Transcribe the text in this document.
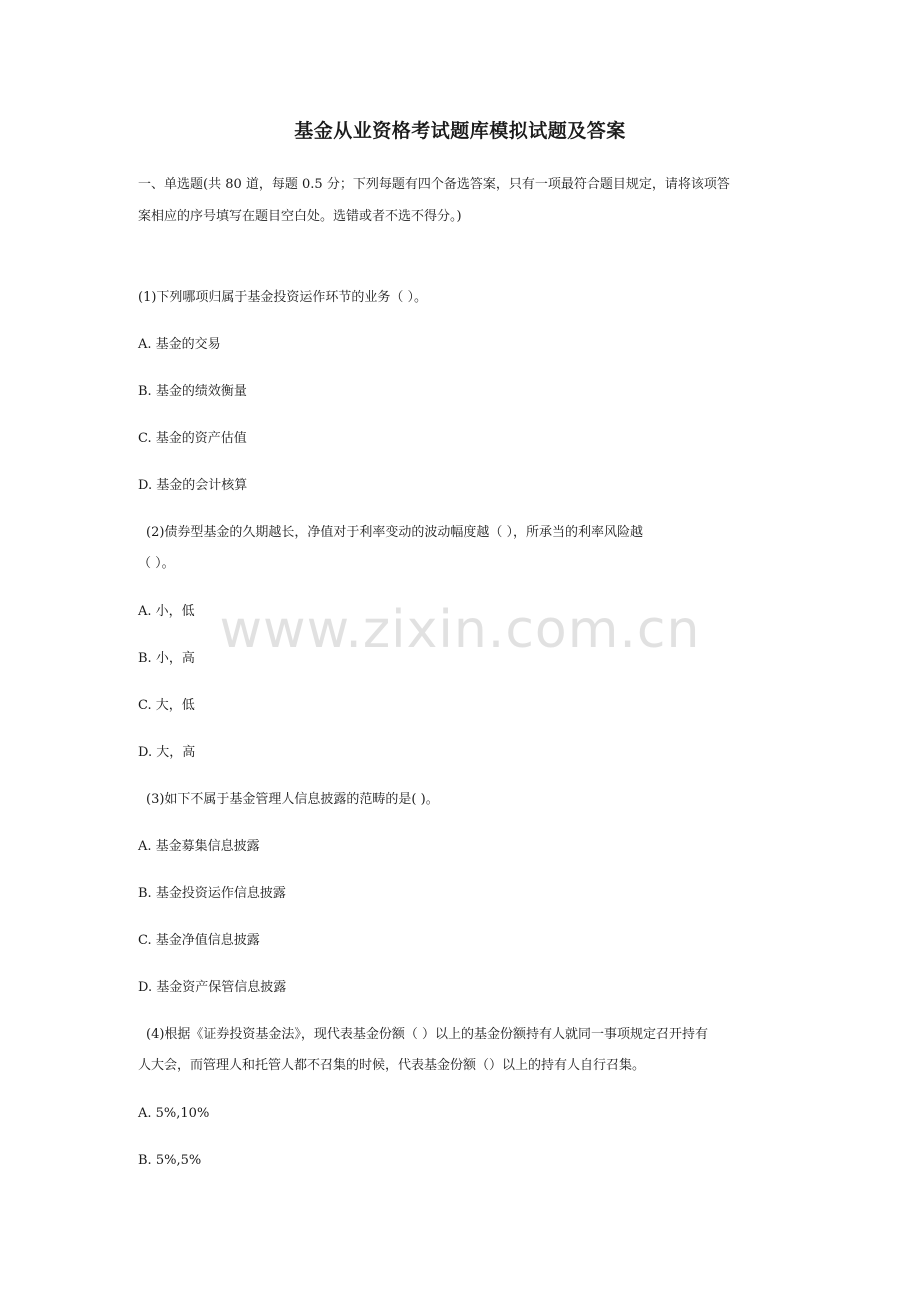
基金从业资格考试题库模拟试题及答案
一、单选题(共 80 道，每题 0.5 分；下列每题有四个备选答案，只有一项最符合题目规定，请将该项答
案相应的序号填写在题目空白处。选错或者不选不得分。)
(1)下列哪项归属于基金投资运作环节的业务（ ）。
A. 基金的交易
B. 基金的绩效衡量
C. 基金的资产估值
D. 基金的会计核算
(2)债券型基金的久期越长，净值对于利率变动的波动幅度越（ ），所承当的利率风险越
（ ）。
A. 小，低
B. 小，高
C. 大，低
D. 大，高
(3)如下不属于基金管理人信息披露的范畴的是( )。
A. 基金募集信息披露
B. 基金投资运作信息披露
C. 基金净值信息披露
D. 基金资产保管信息披露
(4)根据《证券投资基金法》，现代表基金份额（ ）以上的基金份额持有人就同一事项规定召开持有
人大会，而管理人和托管人都不召集的时候，代表基金份额（）以上的持有人自行召集。
A. 5%,10%
B. 5%,5%
www.zixin.com.cn
